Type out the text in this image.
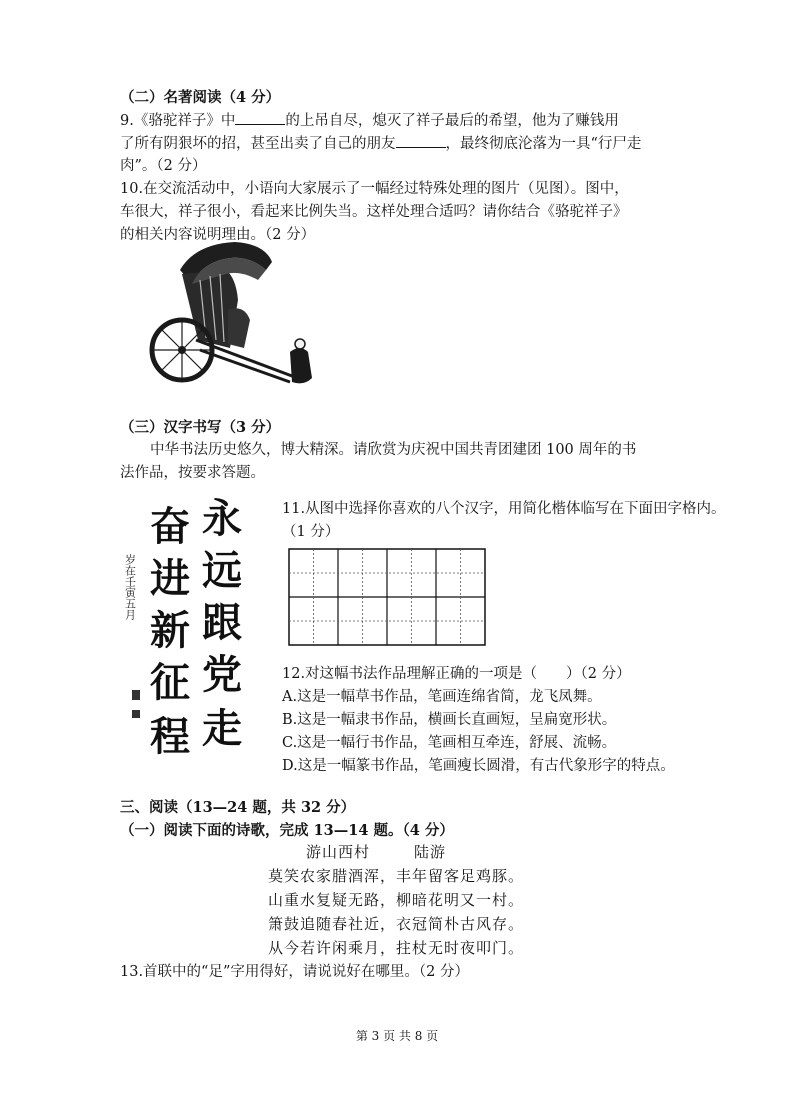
（二）名著阅读（4 分）
9.《骆驼祥子》中	的上吊自尽，熄灭了祥子最后的希望，他为了赚钱用
了所有阴狠坏的招，甚至出卖了自己的朋友	，最终彻底沦落为一具“行尸走
肉”。（2 分）
10.在交流活动中，小语向大家展示了一幅经过特殊处理的图片（见图）。图中，
车很大，祥子很小，看起来比例失当。这样处理合适吗？请你结合《骆驼祥子》
的相关内容说明理由。（2 分）
（三）汉字书写（3 分）
中华书法历史悠久，博大精深。请欣赏为庆祝中国共青团建团 100 周年的书
法作品，按要求答题。
永
远
跟
党
走
奋
进
新
征
程
岁在壬寅五月
11.从图中选择你喜欢的八个汉字，用简化楷体临写在下面田字格内。
（1 分）
12.对这幅书法作品理解正确的一项是（　　）（2 分）
A.这是一幅草书作品，笔画连绵省简，龙飞凤舞。
B.这是一幅隶书作品，横画长直画短，呈扁宽形状。
C.这是一幅行书作品，笔画相互牵连，舒展、流畅。
D.这是一幅篆书作品，笔画瘦长圆滑，有古代象形字的特点。
三、阅读（13—24 题，共 32 分）
（一）阅读下面的诗歌，完成 13—14 题。（4 分）
游山西村	陆游
莫笑农家腊酒浑，丰年留客足鸡豚。
山重水复疑无路，柳暗花明又一村。
箫鼓追随春社近，衣冠简朴古风存。
从今若许闲乘月，拄杖无时夜叩门。
13.首联中的“足”字用得好，请说说好在哪里。（2 分）
第 3 页 共 8 页
